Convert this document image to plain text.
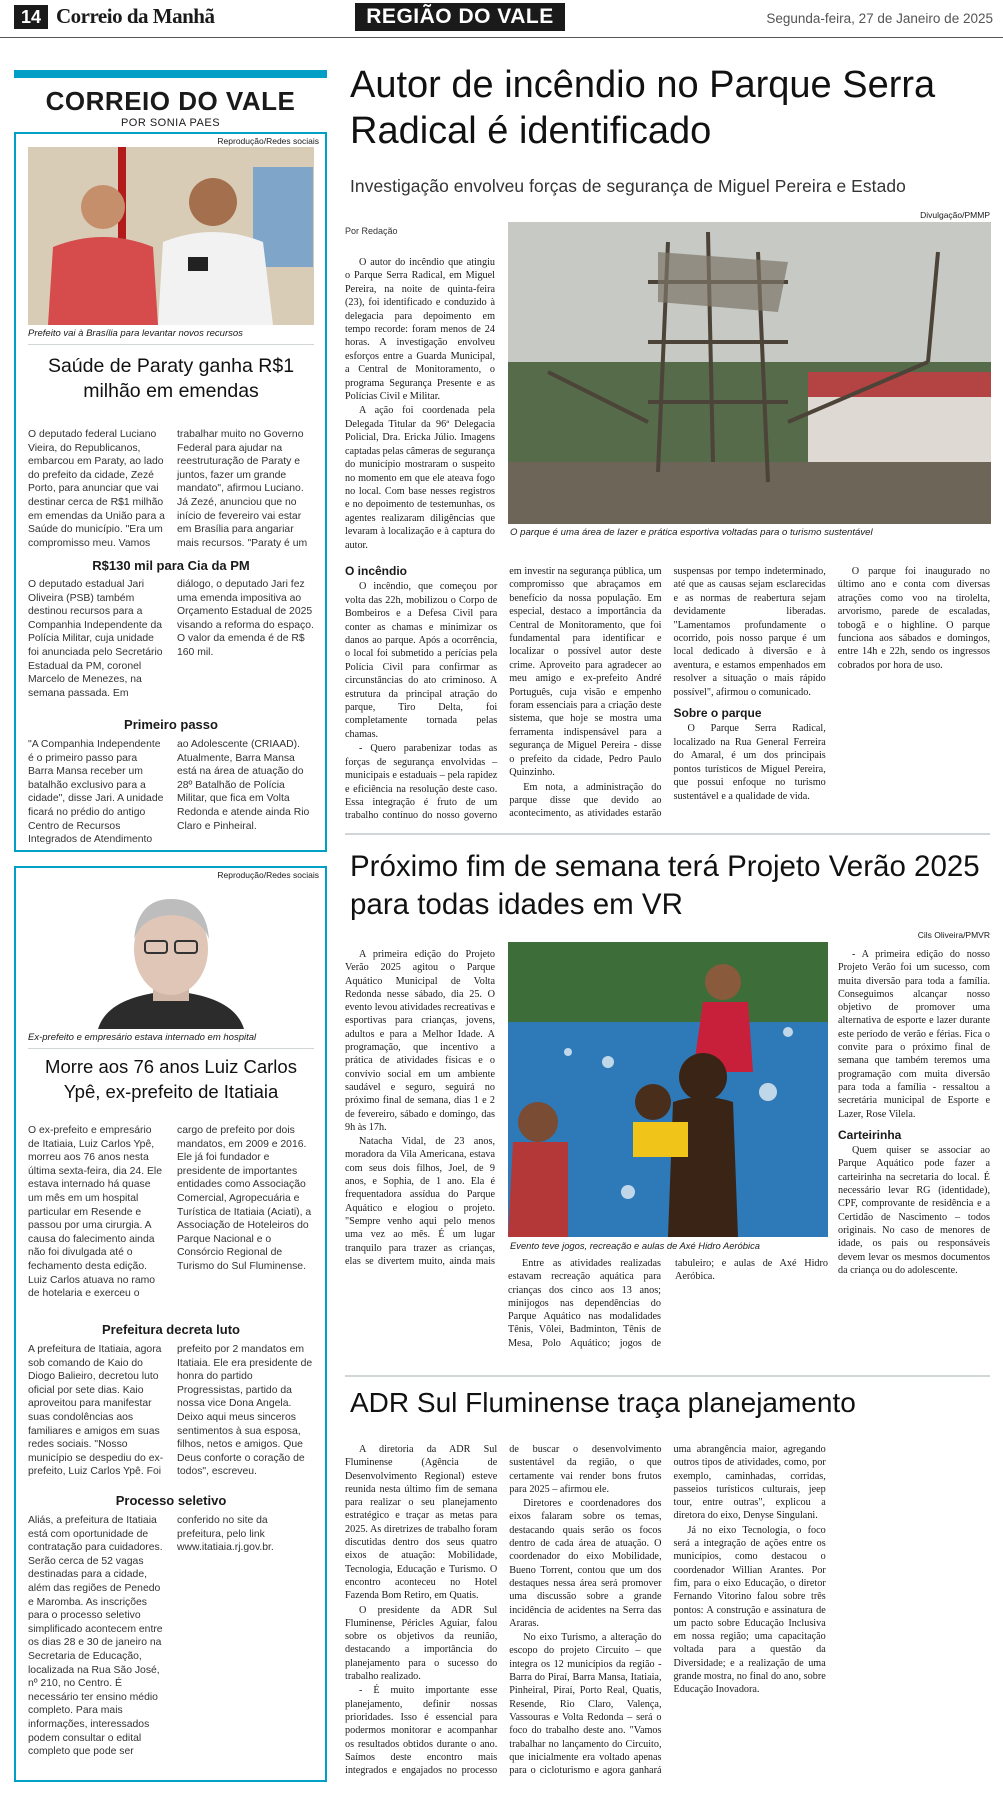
14 Correio da Manhã	REGIÃO DO VALE	Segunda-feira, 27 de Janeiro de 2025
CORREIO DO VALE
POR SONIA PAES
Reprodução/Redes sociais
Prefeito vai à Brasília para levantar novos recursos
Saúde de Paraty ganha R$1 milhão em emendas

O deputado federal Luciano Vieira, do Republicanos, embarcou em Paraty, ao lado do prefeito da cidade, Zezé Porto, para anunciar que vai destinar cerca de R$1 milhão em emendas da União para a Saúde do município. "Era um compromisso meu. Vamos trabalhar muito no Governo Federal para ajudar na reestruturação de Paraty e juntos, fazer um grande mandato", afirmou Luciano. Já Zezé, anunciou que no início de fevereiro vai estar em Brasília para angariar mais recursos. "Paraty é um

R$130 mil para Cia da PM

O deputado estadual Jari Oliveira (PSB) também destinou recursos para a Companhia Independente da Polícia Militar, cuja unidade foi anunciada pelo Secretário Estadual da PM, coronel Marcelo de Menezes, na semana passada. Em diálogo, o deputado Jari fez uma emenda impositiva ao Orçamento Estadual de 2025 visando a reforma do espaço. O valor da emenda é de R$ 160 mil.

Primeiro passo

"A Companhia Independente é o primeiro passo para Barra Mansa receber um batalhão exclusivo para a cidade", disse Jari. A unidade ficará no prédio do antigo Centro de Recursos Integrados de Atendimento ao Adolescente (CRIAAD). Atualmente, Barra Mansa está na área de atuação do 28º Batalhão de Polícia Militar, que fica em Volta Redonda e atende ainda Rio Claro e Pinheiral.

Reprodução/Redes sociais
Ex-prefeito e empresário estava internado em hospital
Morre aos 76 anos Luiz Carlos Ypê, ex-prefeito de Itatiaia

O ex-prefeito e empresário de Itatiaia, Luiz Carlos Ypê, morreu aos 76 anos nesta última sexta-feira, dia 24. Ele estava internado há quase um mês em um hospital particular em Resende e passou por uma cirurgia. A causa do falecimento ainda não foi divulgada até o fechamento desta edição. Luiz Carlos atuava no ramo de hotelaria e exerceu o cargo de prefeito por dois mandatos, em 2009 e 2016. Ele já foi fundador e presidente de importantes entidades como Associação Comercial, Agropecuária e Turística de Itatiaia (Aciati), a Associação de Hoteleiros do Parque Nacional e o Consórcio Regional de Turismo do Sul Fluminense.

Prefeitura decreta luto

A prefeitura de Itatiaia, agora sob comando de Kaio do Diogo Balieiro, decretou luto oficial por sete dias. Kaio aproveitou para manifestar suas condolências aos familiares e amigos em suas redes sociais. "Nosso município se despediu do ex-prefeito, Luiz Carlos Ypê. Foi prefeito por 2 mandatos em Itatiaia. Ele era presidente de honra do partido Progressistas, partido da nossa vice Dona Angela. Deixo aqui meus sinceros sentimentos à sua esposa, filhos, netos e amigos. Que Deus conforte o coração de todos", escreveu.

Processo seletivo

Aliás, a prefeitura de Itatiaia está com oportunidade de contratação para cuidadores. Serão cerca de 52 vagas destinadas para a cidade, além das regiões de Penedo e Maromba. As inscrições para o processo seletivo simplificado acontecem entre os dias 28 e 30 de janeiro na Secretaria de Educação, localizada na Rua São José, nº 210, no Centro. É necessário ter ensino médio completo. Para mais informações, interessados podem consultar o edital completo que pode ser conferido no site da prefeitura, pelo link www.itatiaia.rj.gov.br.

Autor de incêndio no Parque Serra Radical é identificado
Investigação envolveu forças de segurança de Miguel Pereira e Estado
Por Redação
Divulgação/PMMP
O parque é uma área de lazer e prática esportiva voltadas para o turismo sustentável

O autor do incêndio que atingiu o Parque Serra Radical, em Miguel Pereira, na noite de quinta-feira (23), foi identificado e conduzido à delegacia para depoimento em tempo recorde: foram menos de 24 horas. A investigação envolveu esforços entre a Guarda Municipal, a Central de Monitoramento, o programa Segurança Presente e as Polícias Civil e Militar.

A ação foi coordenada pela Delegada Titular da 96ª Delegacia Policial, Dra. Ericka Júlio. Imagens captadas pelas câmeras de segurança do município mostraram o suspeito no momento em que ele ateava fogo no local. Com base nesses registros e no depoimento de testemunhas, os agentes realizaram diligências que levaram à localização e à captura do autor.

O incêndio

O incêndio, que começou por volta das 22h, mobilizou o Corpo de Bombeiros e a Defesa Civil para conter as chamas e minimizar os danos ao parque. Após a ocorrência, o local foi submetido a perícias pela Polícia Civil para confirmar as circunstâncias do ato criminoso. A estrutura da principal atração do parque, Tiro Delta, foi completamente tornada pelas chamas.

- Quero parabenizar todas as forças de segurança envolvidas – municipais e estaduais – pela rapidez e eficiência na resolução deste caso. Essa integração é fruto de um trabalho contínuo do nosso governo em investir na segurança pública, um compromisso que abraçamos em benefício da nossa população. Em especial, destaco a importância da Central de Monitoramento, que foi fundamental para identificar e localizar o possível autor deste crime. Aproveito para agradecer ao meu amigo e ex-prefeito André Português, cuja visão e empenho foram essenciais para a criação deste sistema, que hoje se mostra uma ferramenta indispensável para a segurança de Miguel Pereira - disse o prefeito da cidade, Pedro Paulo Quinzinho.

Em nota, a administração do parque disse que devido ao acontecimento, as atividades estarão suspensas por tempo indeterminado, até que as causas sejam esclarecidas e as normas de reabertura sejam devidamente liberadas. "Lamentamos profundamente o ocorrido, pois nosso parque é um local dedicado à diversão e à aventura, e estamos empenhados em resolver a situação o mais rápido possível", afirmou o comunicado.

Sobre o parque

O Parque Serra Radical, localizado na Rua General Ferreira do Amaral, é um dos principais pontos turísticos de Miguel Pereira, que possui enfoque no turismo sustentável e a qualidade de vida.

O parque foi inaugurado no último ano e conta com diversas atrações como voo na tirolelta, arvorismo, parede de escaladas, tobogã e o highline. O parque funciona aos sábados e domingos, entre 14h e 22h, sendo os ingressos cobrados por hora de uso.

Próximo fim de semana terá Projeto Verão 2025 para todas idades em VR
Cils Oliveira/PMVR
Evento teve jogos, recreação e aulas de Axé Hidro Aeróbica

A primeira edição do Projeto Verão 2025 agitou o Parque Aquático Municipal de Volta Redonda nesse sábado, dia 25. O evento levou atividades recreativas e esportivas para crianças, jovens, adultos e para a Melhor Idade. A programação, que incentivo a prática de atividades físicas e o convívio social em um ambiente saudável e seguro, seguirá no próximo final de semana, dias 1 e 2 de fevereiro, sábado e domingo, das 9h às 17h.

Natacha Vidal, de 23 anos, moradora da Vila Americana, estava com seus dois filhos, Joel, de 9 anos, e Sophia, de 1 ano. Ela é frequentadora assídua do Parque Aquático e elogiou o projeto. "Sempre venho aqui pelo menos uma vez ao mês. É um lugar tranquilo para trazer as crianças, elas se divertem muito, ainda mais

- A primeira edição do nosso Projeto Verão foi um sucesso, com muita diversão para toda a família. Conseguimos alcançar nosso objetivo de promover uma alternativa de esporte e lazer durante este período de verão e férias. Fica o convite para o próximo final de semana que também teremos uma programação com muita diversão para toda a família - ressaltou a secretária municipal de Esporte e Lazer, Rose Vilela.

Carteirinha

Quem quiser se associar ao Parque Aquático pode fazer a carteirinha na secretaria do local. É necessário levar RG (identidade), CPF, comprovante de residência e a Certidão de Nascimento – todos originais. No caso de menores de idade, os pais ou responsáveis devem levar os mesmos documentos da criança ou do adolescente.

Entre as atividades realizadas estavam recreação aquática para crianças dos cinco aos 13 anos; minijogos nas dependências do Parque Aquático nas modalidades Tênis, Vôlei, Badminton, Tênis de Mesa, Polo Aquático; jogos de tabuleiro; e aulas de Axé Hidro Aeróbica.

ADR Sul Fluminense traça planejamento

A diretoria da ADR Sul Fluminense (Agência de Desenvolvimento Regional) esteve reunida nesta último fim de semana para realizar o seu planejamento estratégico e traçar as metas para 2025. As diretrizes de trabalho foram discutidas dentro dos seus quatro eixos de atuação: Mobilidade, Tecnologia, Educação e Turismo. O encontro aconteceu no Hotel Fazenda Bom Retiro, em Quatis.

O presidente da ADR Sul Fluminense, Péricles Aguiar, falou sobre os objetivos da reunião, destacando a importância do planejamento para o sucesso do trabalho realizado.

- É muito importante esse planejamento, definir nossas prioridades. Isso é essencial para podermos monitorar e acompanhar os resultados obtidos durante o ano. Saímos deste encontro mais integrados e engajados no processo de buscar o desenvolvimento sustentável da região, o que certamente vai render bons frutos para 2025 – afirmou ele.

Diretores e coordenadores dos eixos falaram sobre os temas, destacando quais serão os focos dentro de cada área de atuação. O coordenador do eixo Mobilidade, Bueno Torrent, contou que um dos destaques nessa área será promover uma discussão sobre a grande incidência de acidentes na Serra das Araras.

No eixo Turismo, a alteração do escopo do projeto Circuito – que integra os 12 municípios da região - Barra do Piraí, Barra Mansa, Itatiaia, Pinheiral, Piraí, Porto Real, Quatis, Resende, Rio Claro, Valença, Vassouras e Volta Redonda – será o foco do trabalho deste ano. "Vamos trabalhar no lançamento do Circuito, que inicialmente era voltado apenas para o cicloturismo e agora ganhará uma abrangência maior, agregando outros tipos de atividades, como, por exemplo, caminhadas, corridas, passeios turísticos culturais, jeep tour, entre outras", explicou a diretora do eixo, Denyse Singulani.

Já no eixo Tecnologia, o foco será a integração de ações entre os municípios, como destacou o coordenador Willian Arantes. Por fim, para o eixo Educação, o diretor Fernando Vitorino falou sobre três pontos: A construção e assinatura de um pacto sobre Educação Inclusiva em nossa região; uma capacitação voltada para a questão da Diversidade; e a realização de uma grande mostra, no final do ano, sobre Educação Inovadora.
